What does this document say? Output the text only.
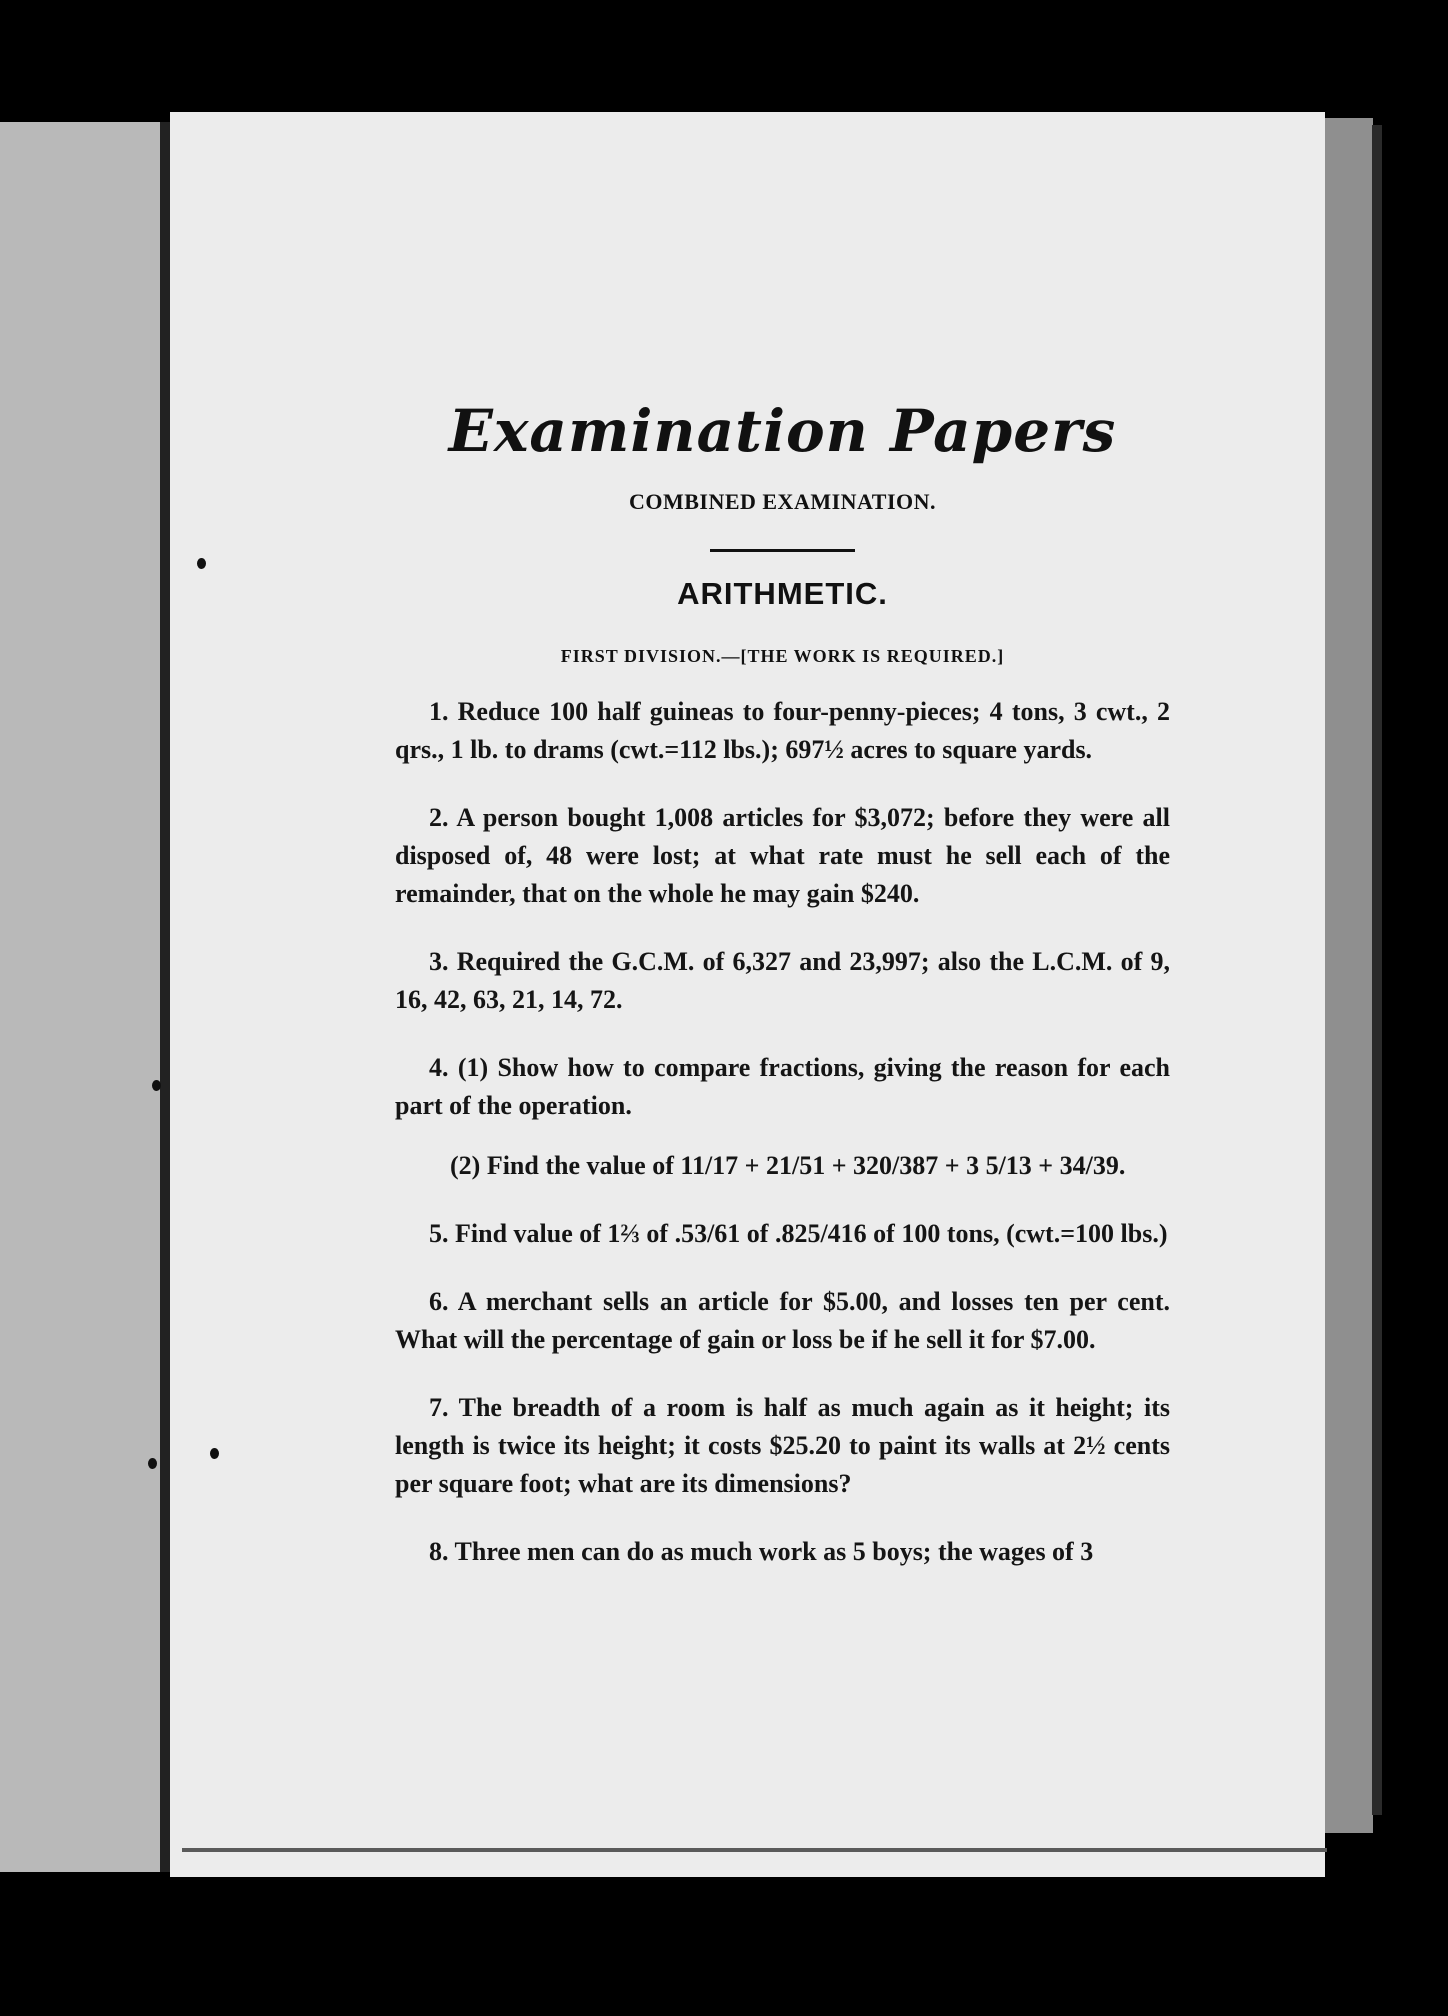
Examination Papers
COMBINED EXAMINATION.
ARITHMETIC.
FIRST DIVISION.—[THE WORK IS REQUIRED.]

1. Reduce 100 half guineas to four-penny-pieces; 4 tons, 3 cwt., 2 qrs., 1 lb. to drams (cwt.=112 lbs.); 697½ acres to square yards.

2. A person bought 1,008 articles for $3,072; before they were all disposed of, 48 were lost; at what rate must he sell each of the remainder, that on the whole he may gain $240.

3. Required the G.C.M. of 6,327 and 23,997; also the L.C.M. of 9, 16, 42, 63, 21, 14, 72.

4. (1) Show how to compare fractions, giving the reason for each part of the operation.

(2) Find the value of 11/17 + 21/51 + 320/387 + 3 5/13 + 34/39.

5. Find value of 1⅔ of .53/61 of .825/416 of 100 tons, (cwt.=100 lbs.)

6. A merchant sells an article for $5.00, and losses ten per cent. What will the percentage of gain or loss be if he sell it for $7.00.

7. The breadth of a room is half as much again as it height; its length is twice its height; it costs $25.20 to paint its walls at 2½ cents per square foot; what are its dimensions?

8. Three men can do as much work as 5 boys; the wages of 3
